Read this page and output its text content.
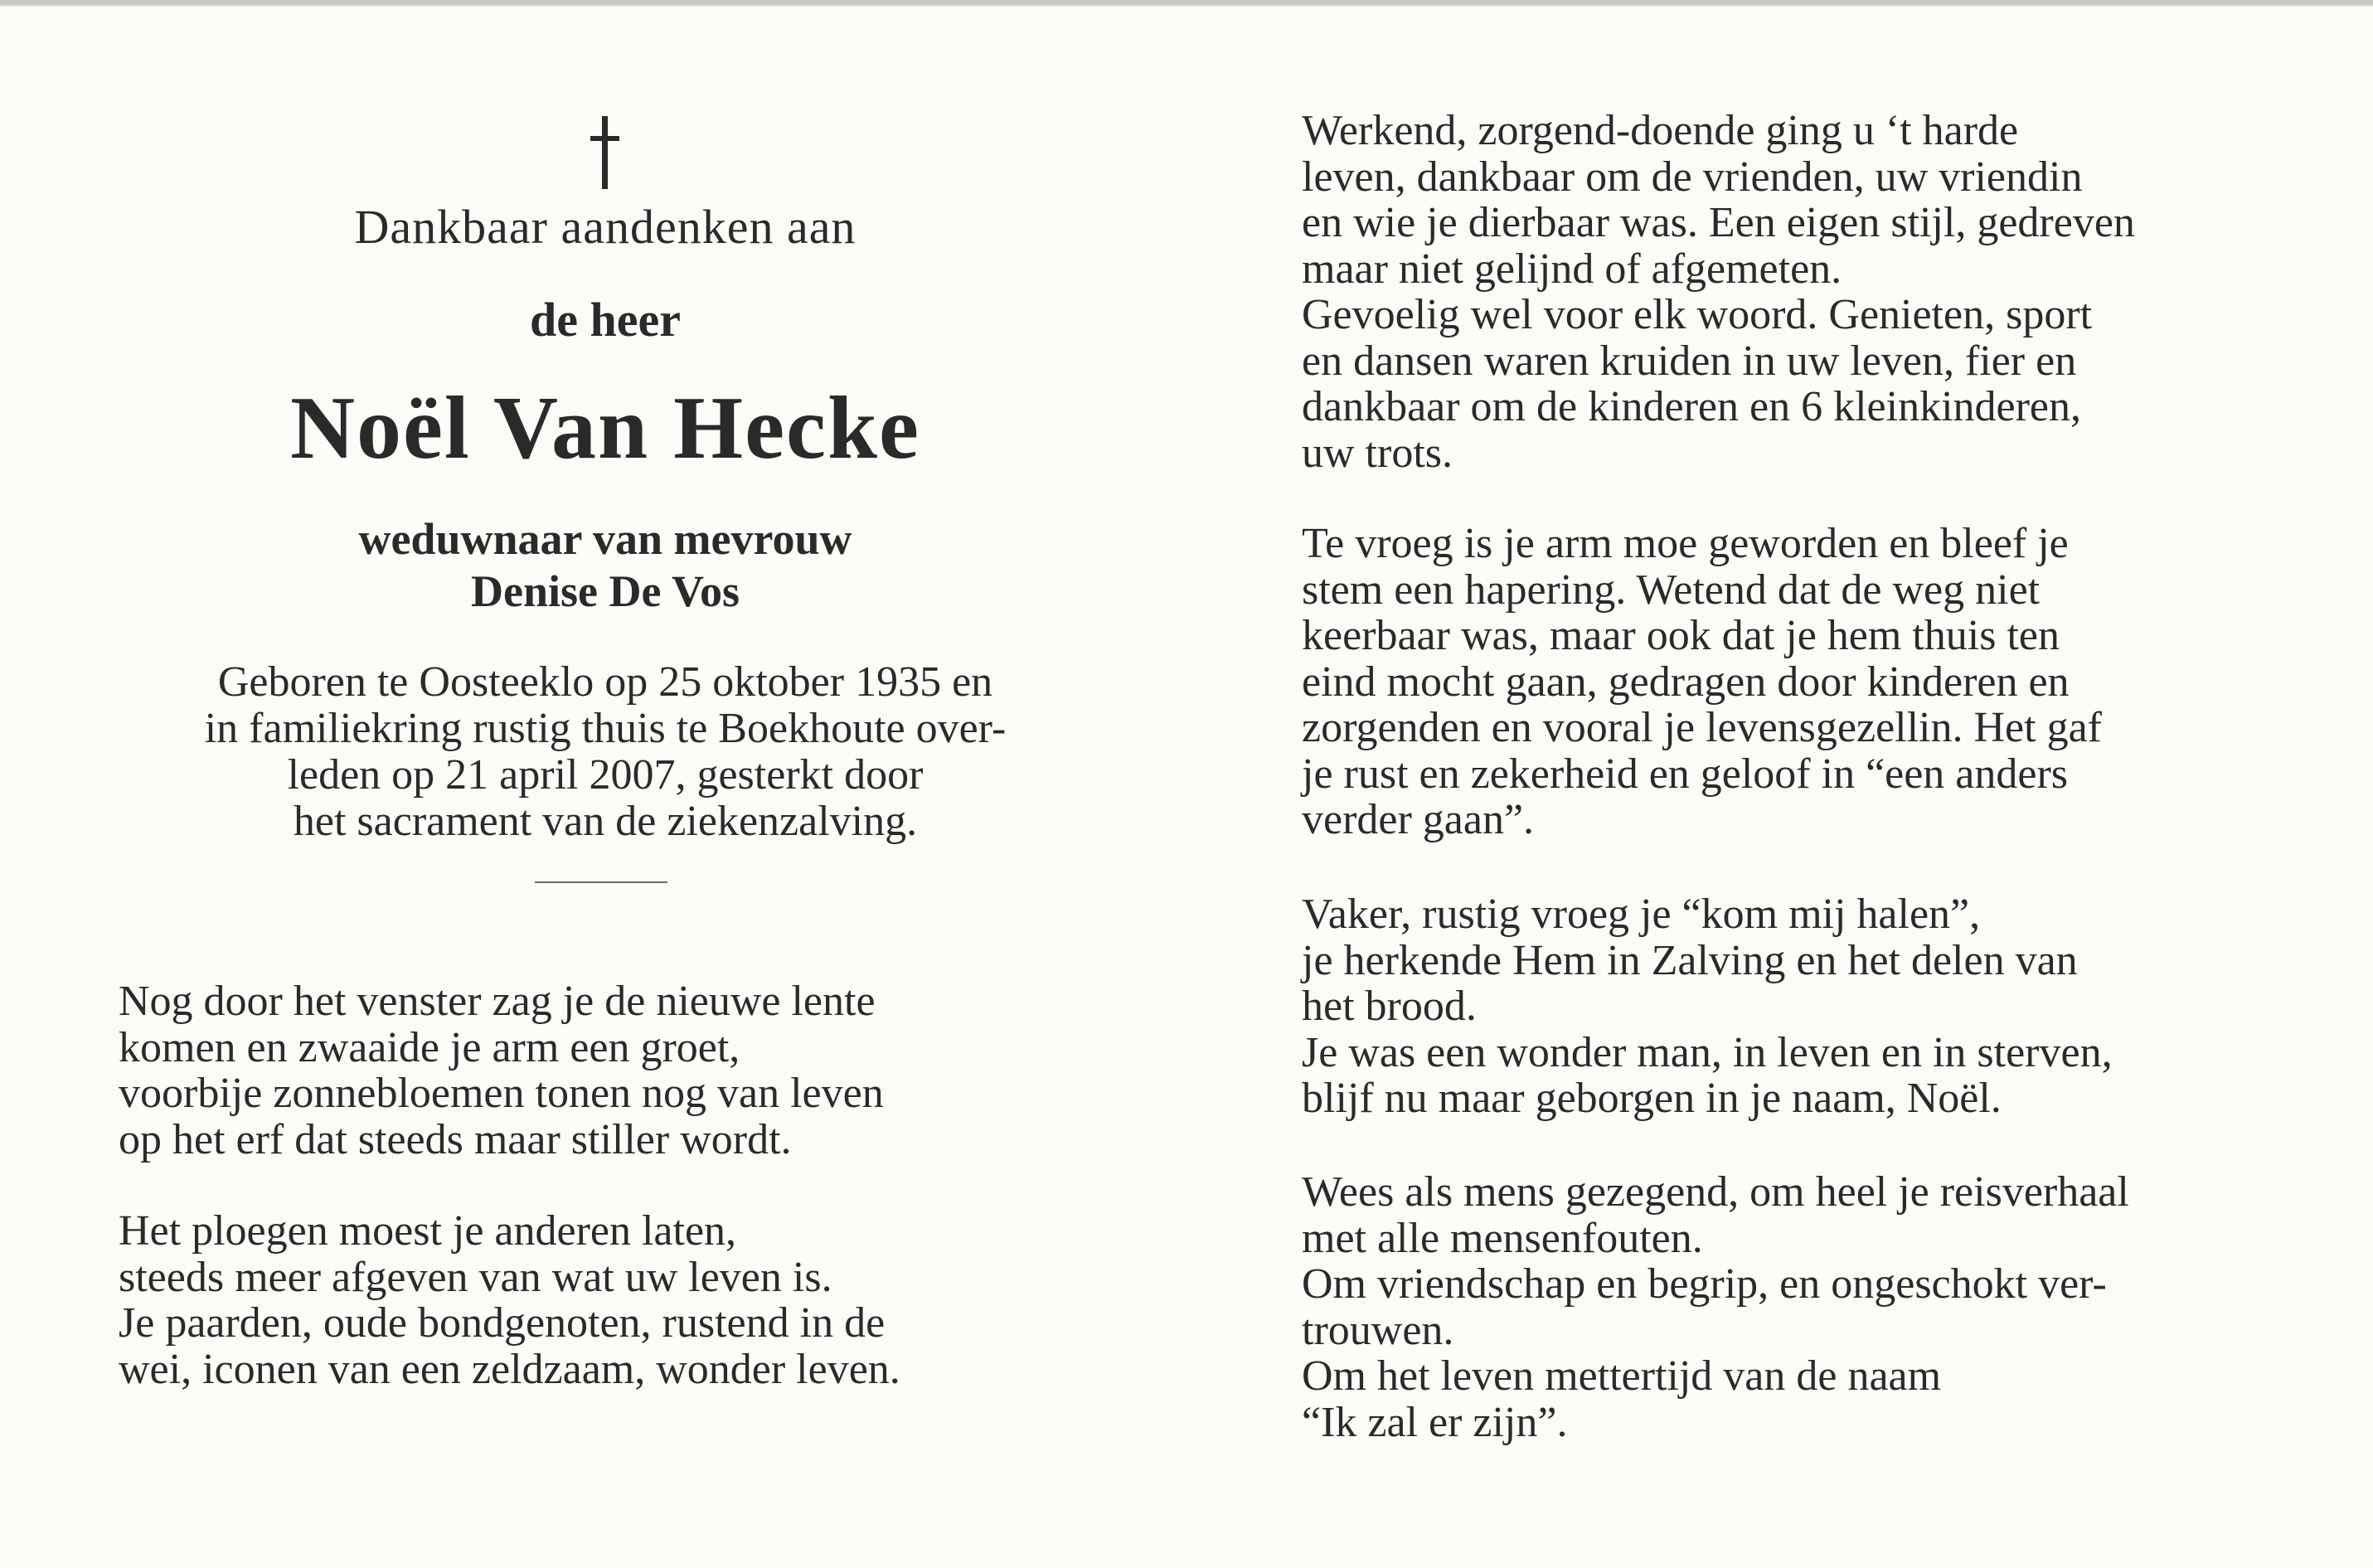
Dankbaar aandenken aan
de heer
Noël Van Hecke
weduwnaar van mevrouw
Denise De Vos
Geboren te Oosteeklo op 25 oktober 1935 en
in familiekring rustig thuis te Boekhoute over-
leden op 21 april 2007, gesterkt door
het sacrament van de ziekenzalving.
Nog door het venster zag je de nieuwe lente
komen en zwaaide je arm een groet,
voorbije zonnebloemen tonen nog van leven
op het erf dat steeds maar stiller wordt.
Het ploegen moest je anderen laten,
steeds meer afgeven van wat uw leven is.
Je paarden, oude bondgenoten, rustend in de
wei, iconen van een zeldzaam, wonder leven.
Werkend, zorgend-doende ging u ‘t harde
leven, dankbaar om de vrienden, uw vriendin
en wie je dierbaar was. Een eigen stijl, gedreven
maar niet gelijnd of afgemeten.
Gevoelig wel voor elk woord. Genieten, sport
en dansen waren kruiden in uw leven, fier en
dankbaar om de kinderen en 6 kleinkinderen,
uw trots.
Te vroeg is je arm moe geworden en bleef je
stem een hapering. Wetend dat de weg niet
keerbaar was, maar ook dat je hem thuis ten
eind mocht gaan, gedragen door kinderen en
zorgenden en vooral je levensgezellin. Het gaf
je rust en zekerheid en geloof in “een anders
verder gaan”.
Vaker, rustig vroeg je “kom mij halen”,
je herkende Hem in Zalving en het delen van
het brood.
Je was een wonder man, in leven en in sterven,
blijf nu maar geborgen in je naam, Noël.
Wees als mens gezegend, om heel je reisverhaal
met alle mensenfouten.
Om vriendschap en begrip, en ongeschokt ver-
trouwen.
Om het leven mettertijd van de naam
“Ik zal er zijn”.
